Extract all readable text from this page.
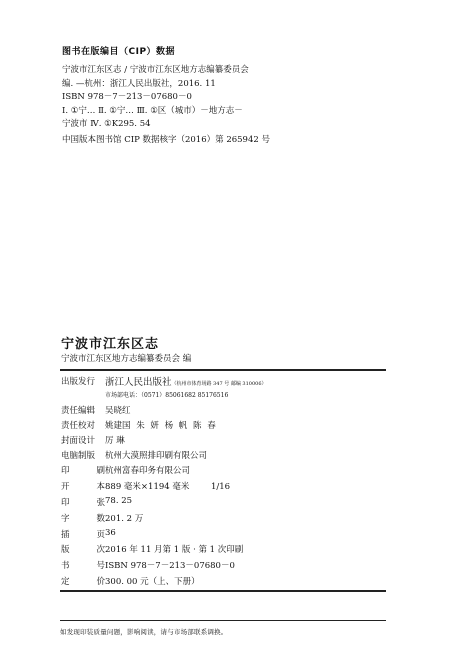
图书在版编目（CIP）数据
宁波市江东区志 / 宁波市江东区地方志编纂委员会
编. —杭州：浙江人民出版社，2016. 11
ISBN 978－7－213－07680－0
Ⅰ. ①宁… Ⅱ. ①宁… Ⅲ. ①区（城市）－地方志－
宁波市 Ⅳ. ①K295. 54
中国版本图书馆 CIP 数据核字（2016）第 265942 号
宁波市江东区志
宁波市江东区地方志编纂委员会 编
出版发行 浙江人民出版社（杭州市体育场路 347 号 邮编 310006）
市场部电话：（0571）85061682 85176516
责任编辑 吴晓红
责任校对 姚建国 朱 妍 杨 帆 陈 春
封面设计 厉 琳
电脑制版 杭州大漠照排印刷有限公司
印	刷 杭州富春印务有限公司
开	本 889 毫米×1194 毫米        1/16
印	张 78. 25
字	数 201. 2 万
插	页 36
版	次 2016 年 11 月第 1 版 · 第 1 次印刷
书	号 ISBN 978－7－213－07680－0
定	价 300. 00 元（上、下册）
如发现印装质量问题，影响阅读，请与市场部联系调换。
